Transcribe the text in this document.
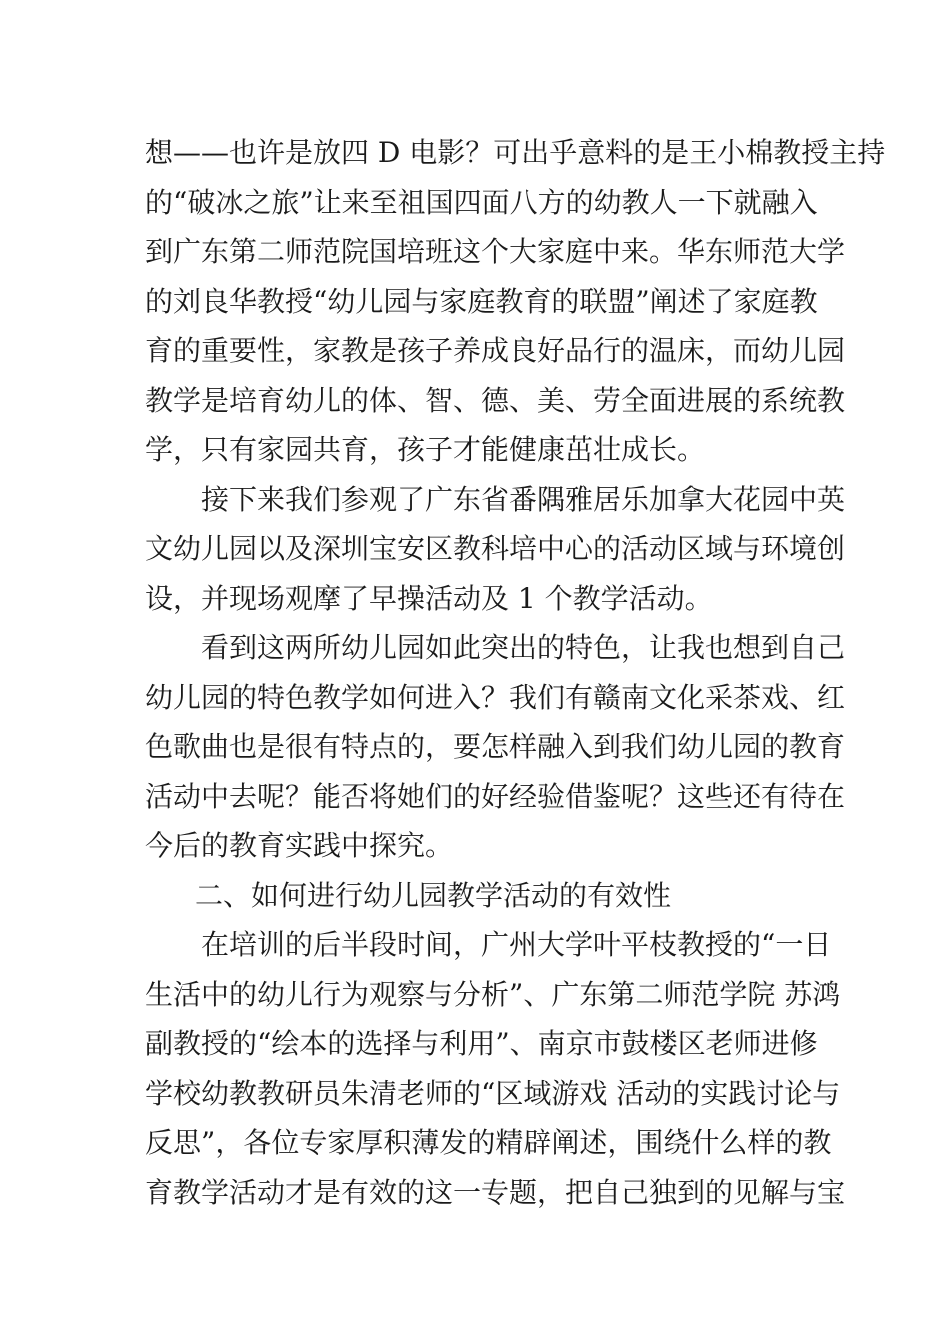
想——也许是放四 D 电影？可出乎意料的是王小棉教授主持
的“破冰之旅”让来至祖国四面八方的幼教人一下就融入
到广东第二师范院国培班这个大家庭中来。华东师范大学
的刘良华教授“幼儿园与家庭教育的联盟”阐述了家庭教
育的重要性，家教是孩子养成良好品行的温床，而幼儿园
教学是培育幼儿的体、智、德、美、劳全面进展的系统教
学，只有家园共育，孩子才能健康茁壮成长。
接下来我们参观了广东省番隅雅居乐加拿大花园中英
文幼儿园以及深圳宝安区教科培中心的活动区域与环境创
设，并现场观摩了早操活动及 1 个教学活动。
看到这两所幼儿园如此突出的特色，让我也想到自己
幼儿园的特色教学如何进入？我们有赣南文化采茶戏、红
色歌曲也是很有特点的，要怎样融入到我们幼儿园的教育
活动中去呢？能否将她们的好经验借鉴呢？这些还有待在
今后的教育实践中探究。
二、如何进行幼儿园教学活动的有效性
在培训的后半段时间，广州大学叶平枝教授的“一日
生活中的幼儿行为观察与分析”、广东第二师范学院 苏鸿
副教授的“绘本的选择与利用”、南京市鼓楼区老师进修
学校幼教教研员朱清老师的“区域游戏 活动的实践讨论与
反思”，各位专家厚积薄发的精辟阐述，围绕什么样的教
育教学活动才是有效的这一专题，把自己独到的见解与宝
